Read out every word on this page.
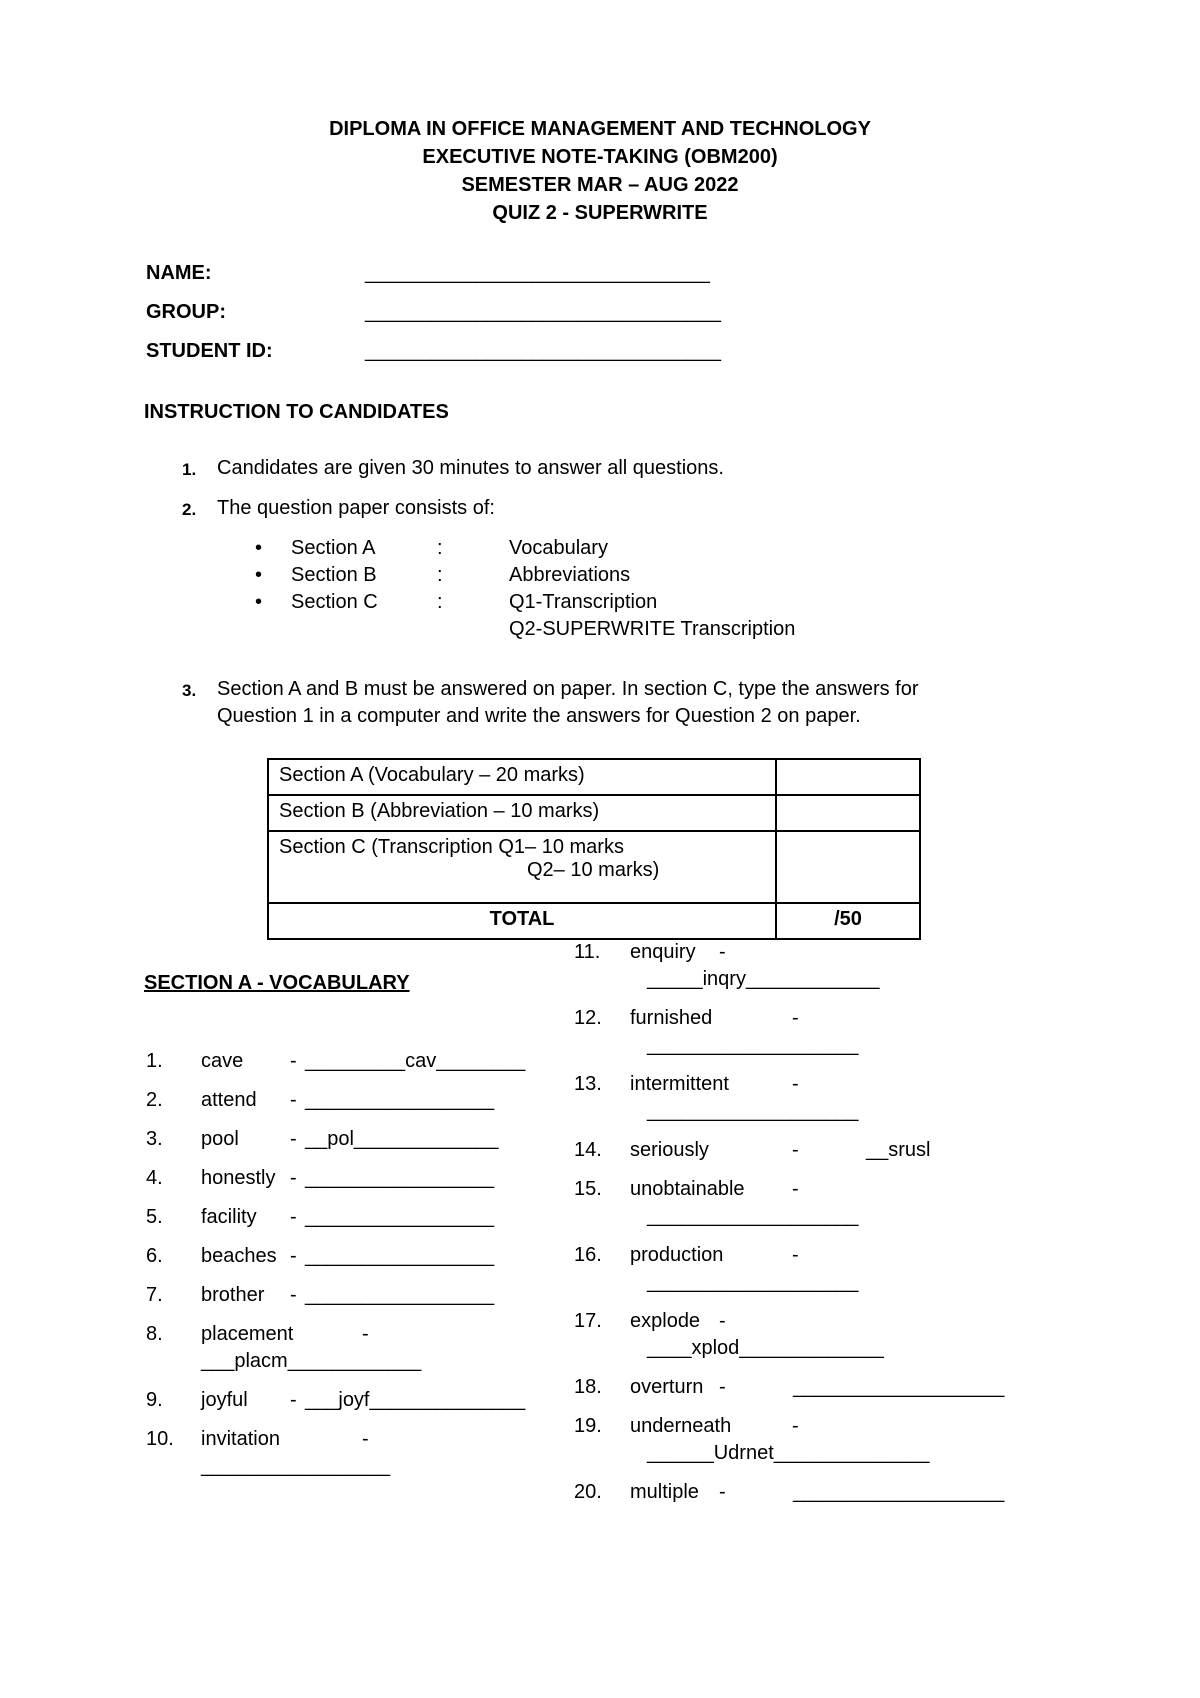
DIPLOMA IN OFFICE MANAGEMENT AND TECHNOLOGY
EXECUTIVE NOTE-TAKING (OBM200)
SEMESTER MAR – AUG 2022
QUIZ 2 - SUPERWRITE
NAME:	_______________________________
GROUP:	________________________________
STUDENT ID:	________________________________
INSTRUCTION TO CANDIDATES
1. Candidates are given 30 minutes to answer all questions.
2. The question paper consists of:
• Section A	:	Vocabulary
• Section B	:	Abbreviations
• Section C	:	Q1-Transcription
Q2-SUPERWRITE Transcription
3. Section A and B must be answered on paper. In section C, type the answers for
Question 1 in a computer and write the answers for Question 2 on paper.
Section A (Vocabulary – 20 marks)	
Section B (Abbreviation – 10 marks)	

Section C (Transcription Q1– 10 marks
Q2– 10 marks)	

TOTAL	/50
SECTION A - VOCABULARY
1. cave - _________cav________
2. attend - _________________
3. pool	- __pol_____________
4. honestly - _________________
5. facility - _________________
6. beaches - _________________
7. brother - _________________
8. placement	-
___placm____________
9. joyful - ___joyf______________
10. invitation	-
_________________
11. enquiry -
_____inqry____________
12. furnished	-
___________________
13. intermittent	-
___________________
14. seriously	-	__srusl
15. unobtainable -
___________________
16. production	-
___________________
17. explode -
____xplod_____________
18. overturn -	___________________
19. underneath	-
______Udrnet______________
20. multiple -	___________________
